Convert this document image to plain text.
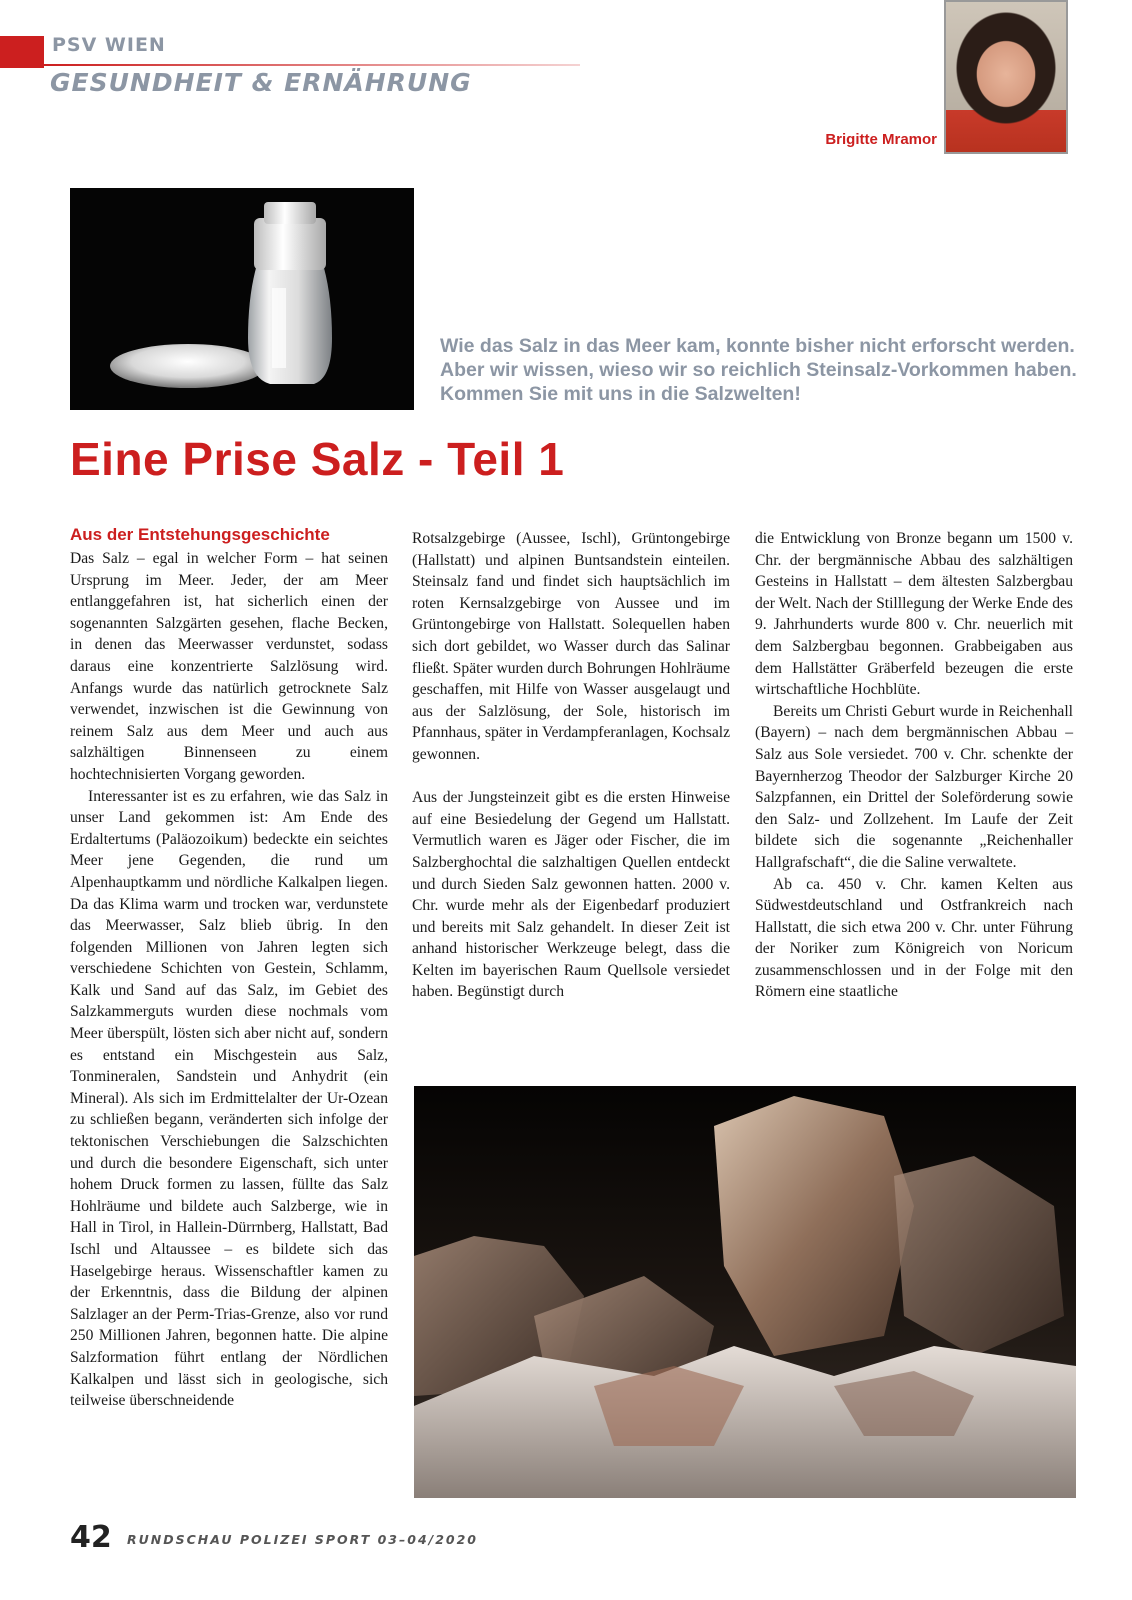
PSV WIEN
GESUNDHEIT & ERNÄHRUNG
Brigitte Mramor

Wie das Salz in das Meer kam, konnte bisher nicht erforscht werden.

Aber wir wissen, wieso wir so reichlich Steinsalz-Vorkommen haben.

Kommen Sie mit uns in die Salzwelten!

Eine Prise Salz - Teil 1
Aus der Entstehungsgeschichte

Das Salz – egal in welcher Form – hat seinen Ursprung im Meer. Jeder, der am Meer entlanggefahren ist, hat sicherlich einen der sogenannten Salzgärten gesehen, flache Becken, in denen das Meerwasser verdunstet, sodass daraus eine konzentrierte Salzlösung wird. Anfangs wurde das natürlich getrocknete Salz verwendet, inzwischen ist die Gewinnung von reinem Salz aus dem Meer und auch aus salzhältigen Binnenseen zu einem hochtechnisierten Vorgang geworden.

Interessanter ist es zu erfahren, wie das Salz in unser Land gekommen ist: Am Ende des Erdaltertums (Paläozoikum) bedeckte ein seichtes Meer jene Gegenden, die rund um Alpenhauptkamm und nördliche Kalkalpen liegen. Da das Klima warm und trocken war, verdunstete das Meerwasser, Salz blieb übrig. In den folgenden Millionen von Jahren legten sich verschiedene Schichten von Gestein, Schlamm, Kalk und Sand auf das Salz, im Gebiet des Salzkammerguts wurden diese nochmals vom Meer überspült, lösten sich aber nicht auf, sondern es entstand ein Mischgestein aus Salz, Tonmineralen, Sandstein und Anhydrit (ein Mineral). Als sich im Erdmittelalter der Ur-Ozean zu schließen begann, veränderten sich infolge der tektonischen Verschiebungen die Salzschichten und durch die besondere Eigenschaft, sich unter hohem Druck formen zu lassen, füllte das Salz Hohlräume und bildete auch Salzberge, wie in Hall in Tirol, in Hallein-Dürrnberg, Hallstatt, Bad Ischl und Altaussee – es bildete sich das Haselgebirge heraus. Wissenschaftler kamen zu der Erkenntnis, dass die Bildung der alpinen Salzlager an der Perm-Trias-Grenze, also vor rund 250 Millionen Jahren, begonnen hatte. Die alpine Salzformation führt entlang der Nördlichen Kalkalpen und lässt sich in geologische, sich teilweise überschneidende

Rotsalzgebirge (Aussee, Ischl), Grüntongebirge (Hallstatt) und alpinen Buntsandstein einteilen. Steinsalz fand und findet sich hauptsächlich im roten Kernsalzgebirge von Aussee und im Grüntongebirge von Hallstatt. Solequellen haben sich dort gebildet, wo Wasser durch das Salinar fließt. Später wurden durch Bohrungen Hohlräume geschaffen, mit Hilfe von Wasser ausgelaugt und aus der Salzlösung, der Sole, historisch im Pfannhaus, später in Verdampferanlagen, Kochsalz gewonnen.

Aus der Jungsteinzeit gibt es die ersten Hinweise auf eine Besiedelung der Gegend um Hallstatt. Vermutlich waren es Jäger oder Fischer, die im Salzberghochtal die salzhaltigen Quellen entdeckt und durch Sieden Salz gewonnen hatten. 2000 v. Chr. wurde mehr als der Eigenbedarf produziert und bereits mit Salz gehandelt. In dieser Zeit ist anhand historischer Werkzeuge belegt, dass die Kelten im bayerischen Raum Quellsole versiedet haben. Begünstigt durch

die Entwicklung von Bronze begann um 1500 v. Chr. der bergmännische Abbau des salzhältigen Gesteins in Hallstatt – dem ältesten Salzbergbau der Welt. Nach der Stilllegung der Werke Ende des 9. Jahrhunderts wurde 800 v. Chr. neuerlich mit dem Salzbergbau begonnen. Grabbeigaben aus dem Hallstätter Gräberfeld bezeugen die erste wirtschaftliche Hochblüte.

Bereits um Christi Geburt wurde in Reichenhall (Bayern) – nach dem bergmännischen Abbau – Salz aus Sole versiedet. 700 v. Chr. schenkte der Bayernherzog Theodor der Salzburger Kirche 20 Salzpfannen, ein Drittel der Soleförderung sowie den Salz- und Zollzehent. Im Laufe der Zeit bildete sich die sogenannte „Reichenhaller Hallgrafschaft“, die die Saline verwaltete.

Ab ca. 450 v. Chr. kamen Kelten aus Südwestdeutschland und Ostfrankreich nach Hallstatt, die sich etwa 200 v. Chr. unter Führung der Noriker zum Königreich von Noricum zusammenschlossen und in der Folge mit den Römern eine staatliche

42 RUNDSCHAU POLIZEI SPORT 03–04/2020
